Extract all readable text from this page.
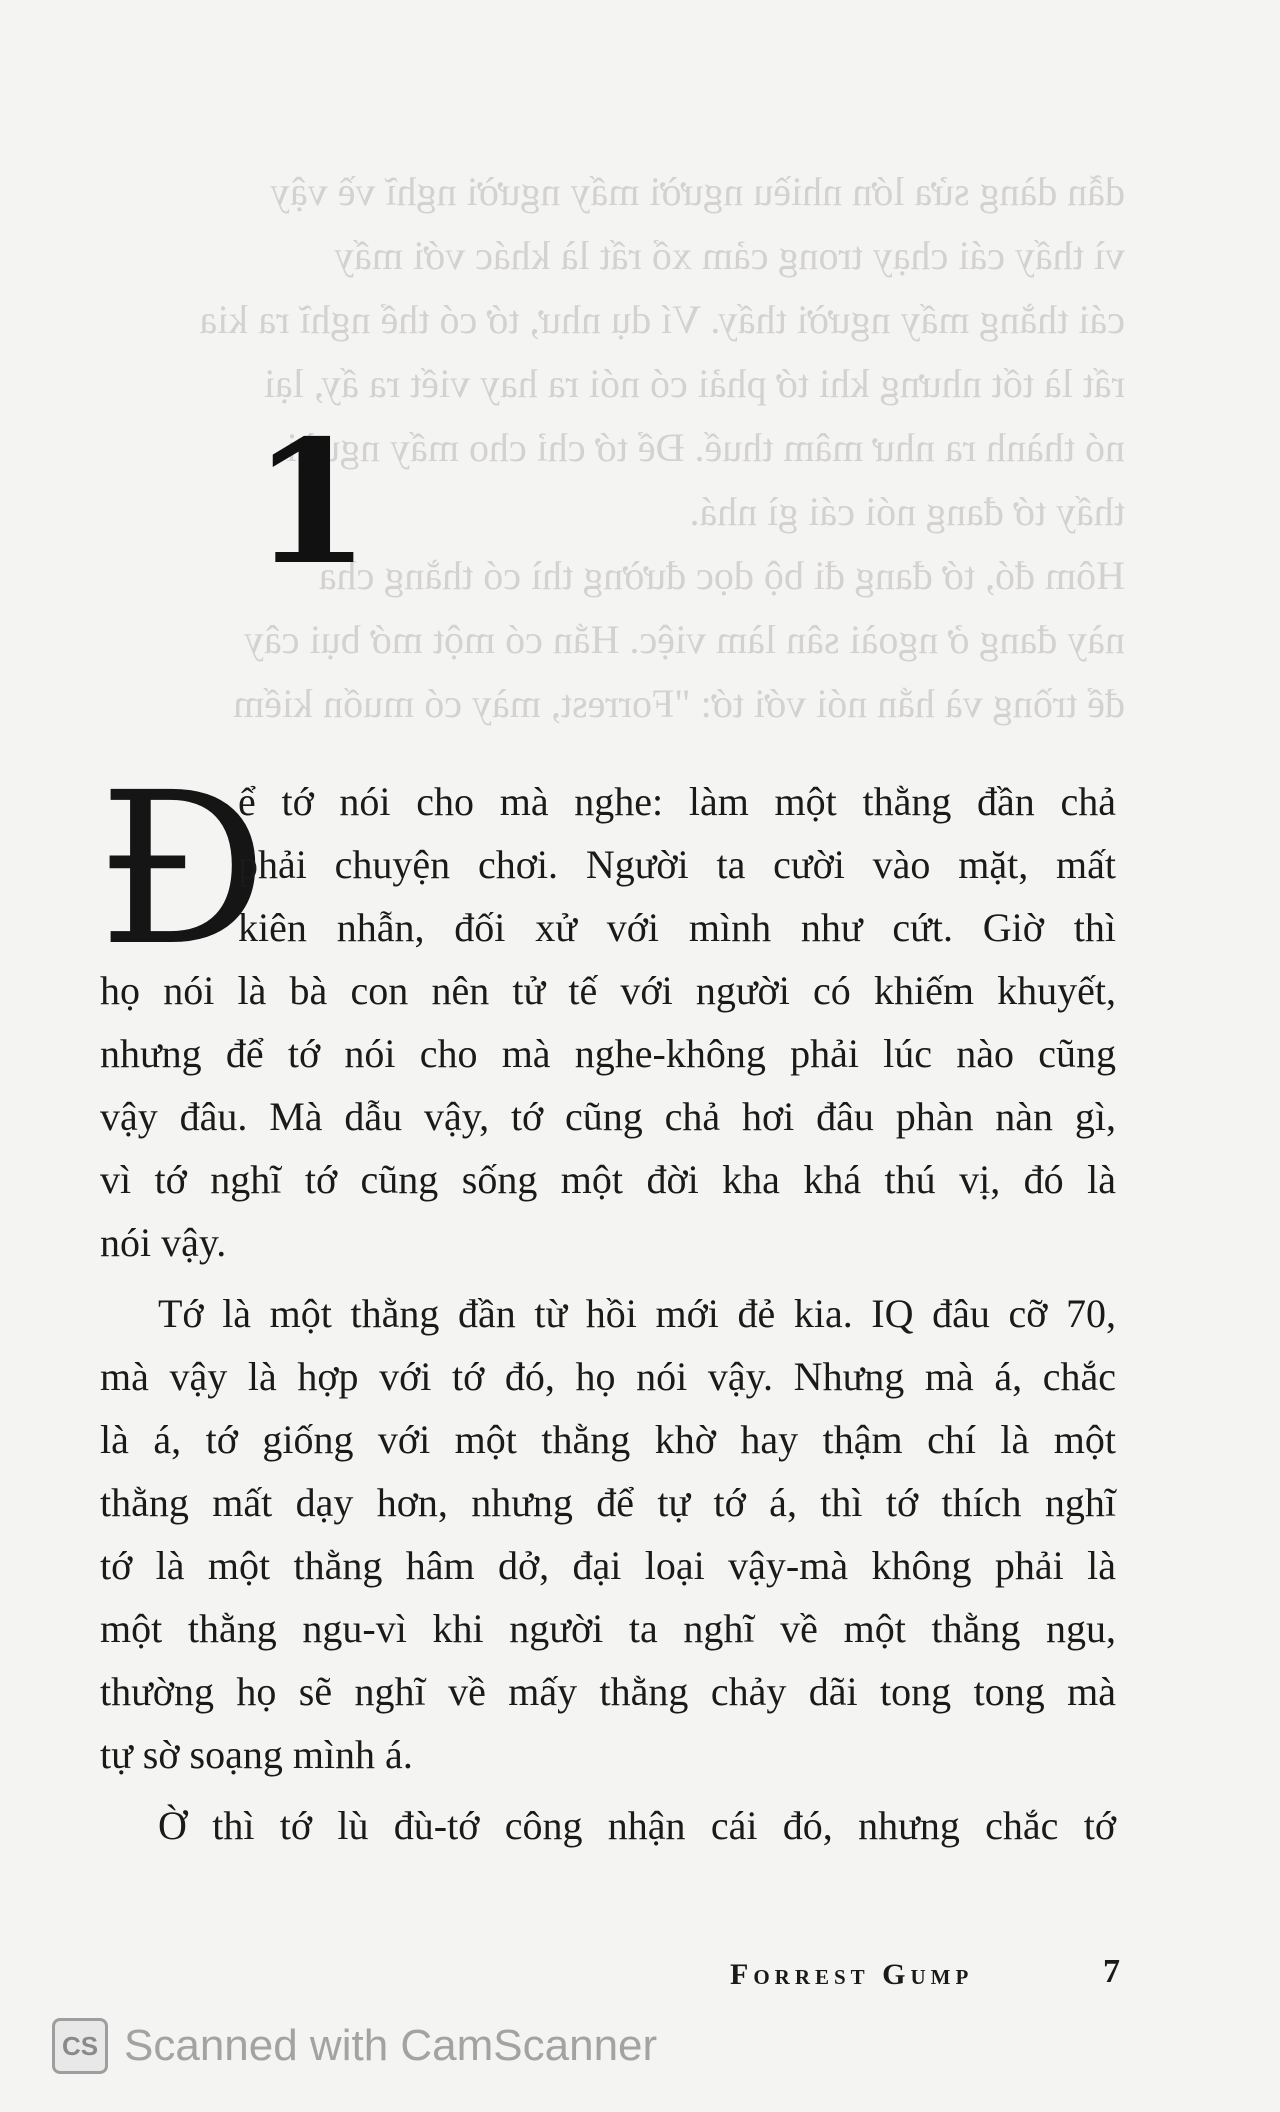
dẫn dàng sửa lớn nhiều người mấy người nghĩ về vậy
vì thấy cái chạy trong cảm xổ rất là khác với mấy
cái thằng mấy người thấy. Ví dụ như, tớ có thể nghĩ ra kia
rất là tốt nhưng khi tớ phải có nói ra hay viết ra ấy, lại
nó thành ra như mâm thuế. Để tớ chỉ cho mấy người
thấy tớ đang nói cái gì nhá.
Hôm đó, tớ đang đi bộ dọc đường thì có thằng cha
này đang ở ngoài sân làm việc. Hắn có một mớ bụi cây
để trồng và hắn nói với tớ: "Forrest, mày có muốn kiếm
1
Đ
ể tớ nói cho mà nghe: làm một thằng đần chả
phải chuyện chơi. Người ta cười vào mặt, mất
kiên nhẫn, đối xử với mình như cứt. Giờ thì
họ nói là bà con nên tử tế với người có khiếm khuyết,
nhưng để tớ nói cho mà nghe-không phải lúc nào cũng
vậy đâu. Mà dẫu vậy, tớ cũng chả hơi đâu phàn nàn gì,
vì tớ nghĩ tớ cũng sống một đời kha khá thú vị, đó là
nói vậy.
Tớ là một thằng đần từ hồi mới đẻ kia. IQ đâu cỡ 70,
mà vậy là hợp với tớ đó, họ nói vậy. Nhưng mà á, chắc
là á, tớ giống với một thằng khờ hay thậm chí là một
thằng mất dạy hơn, nhưng để tự tớ á, thì tớ thích nghĩ
tớ là một thằng hâm dở, đại loại vậy-mà không phải là
một thằng ngu-vì khi người ta nghĩ về một thằng ngu,
thường họ sẽ nghĩ về mấy thằng chảy dãi tong tong mà
tự sờ soạng mình á.
Ờ thì tớ lù đù-tớ công nhận cái đó, nhưng chắc tớ
Forrest Gump	7
CS Scanned with CamScanner
